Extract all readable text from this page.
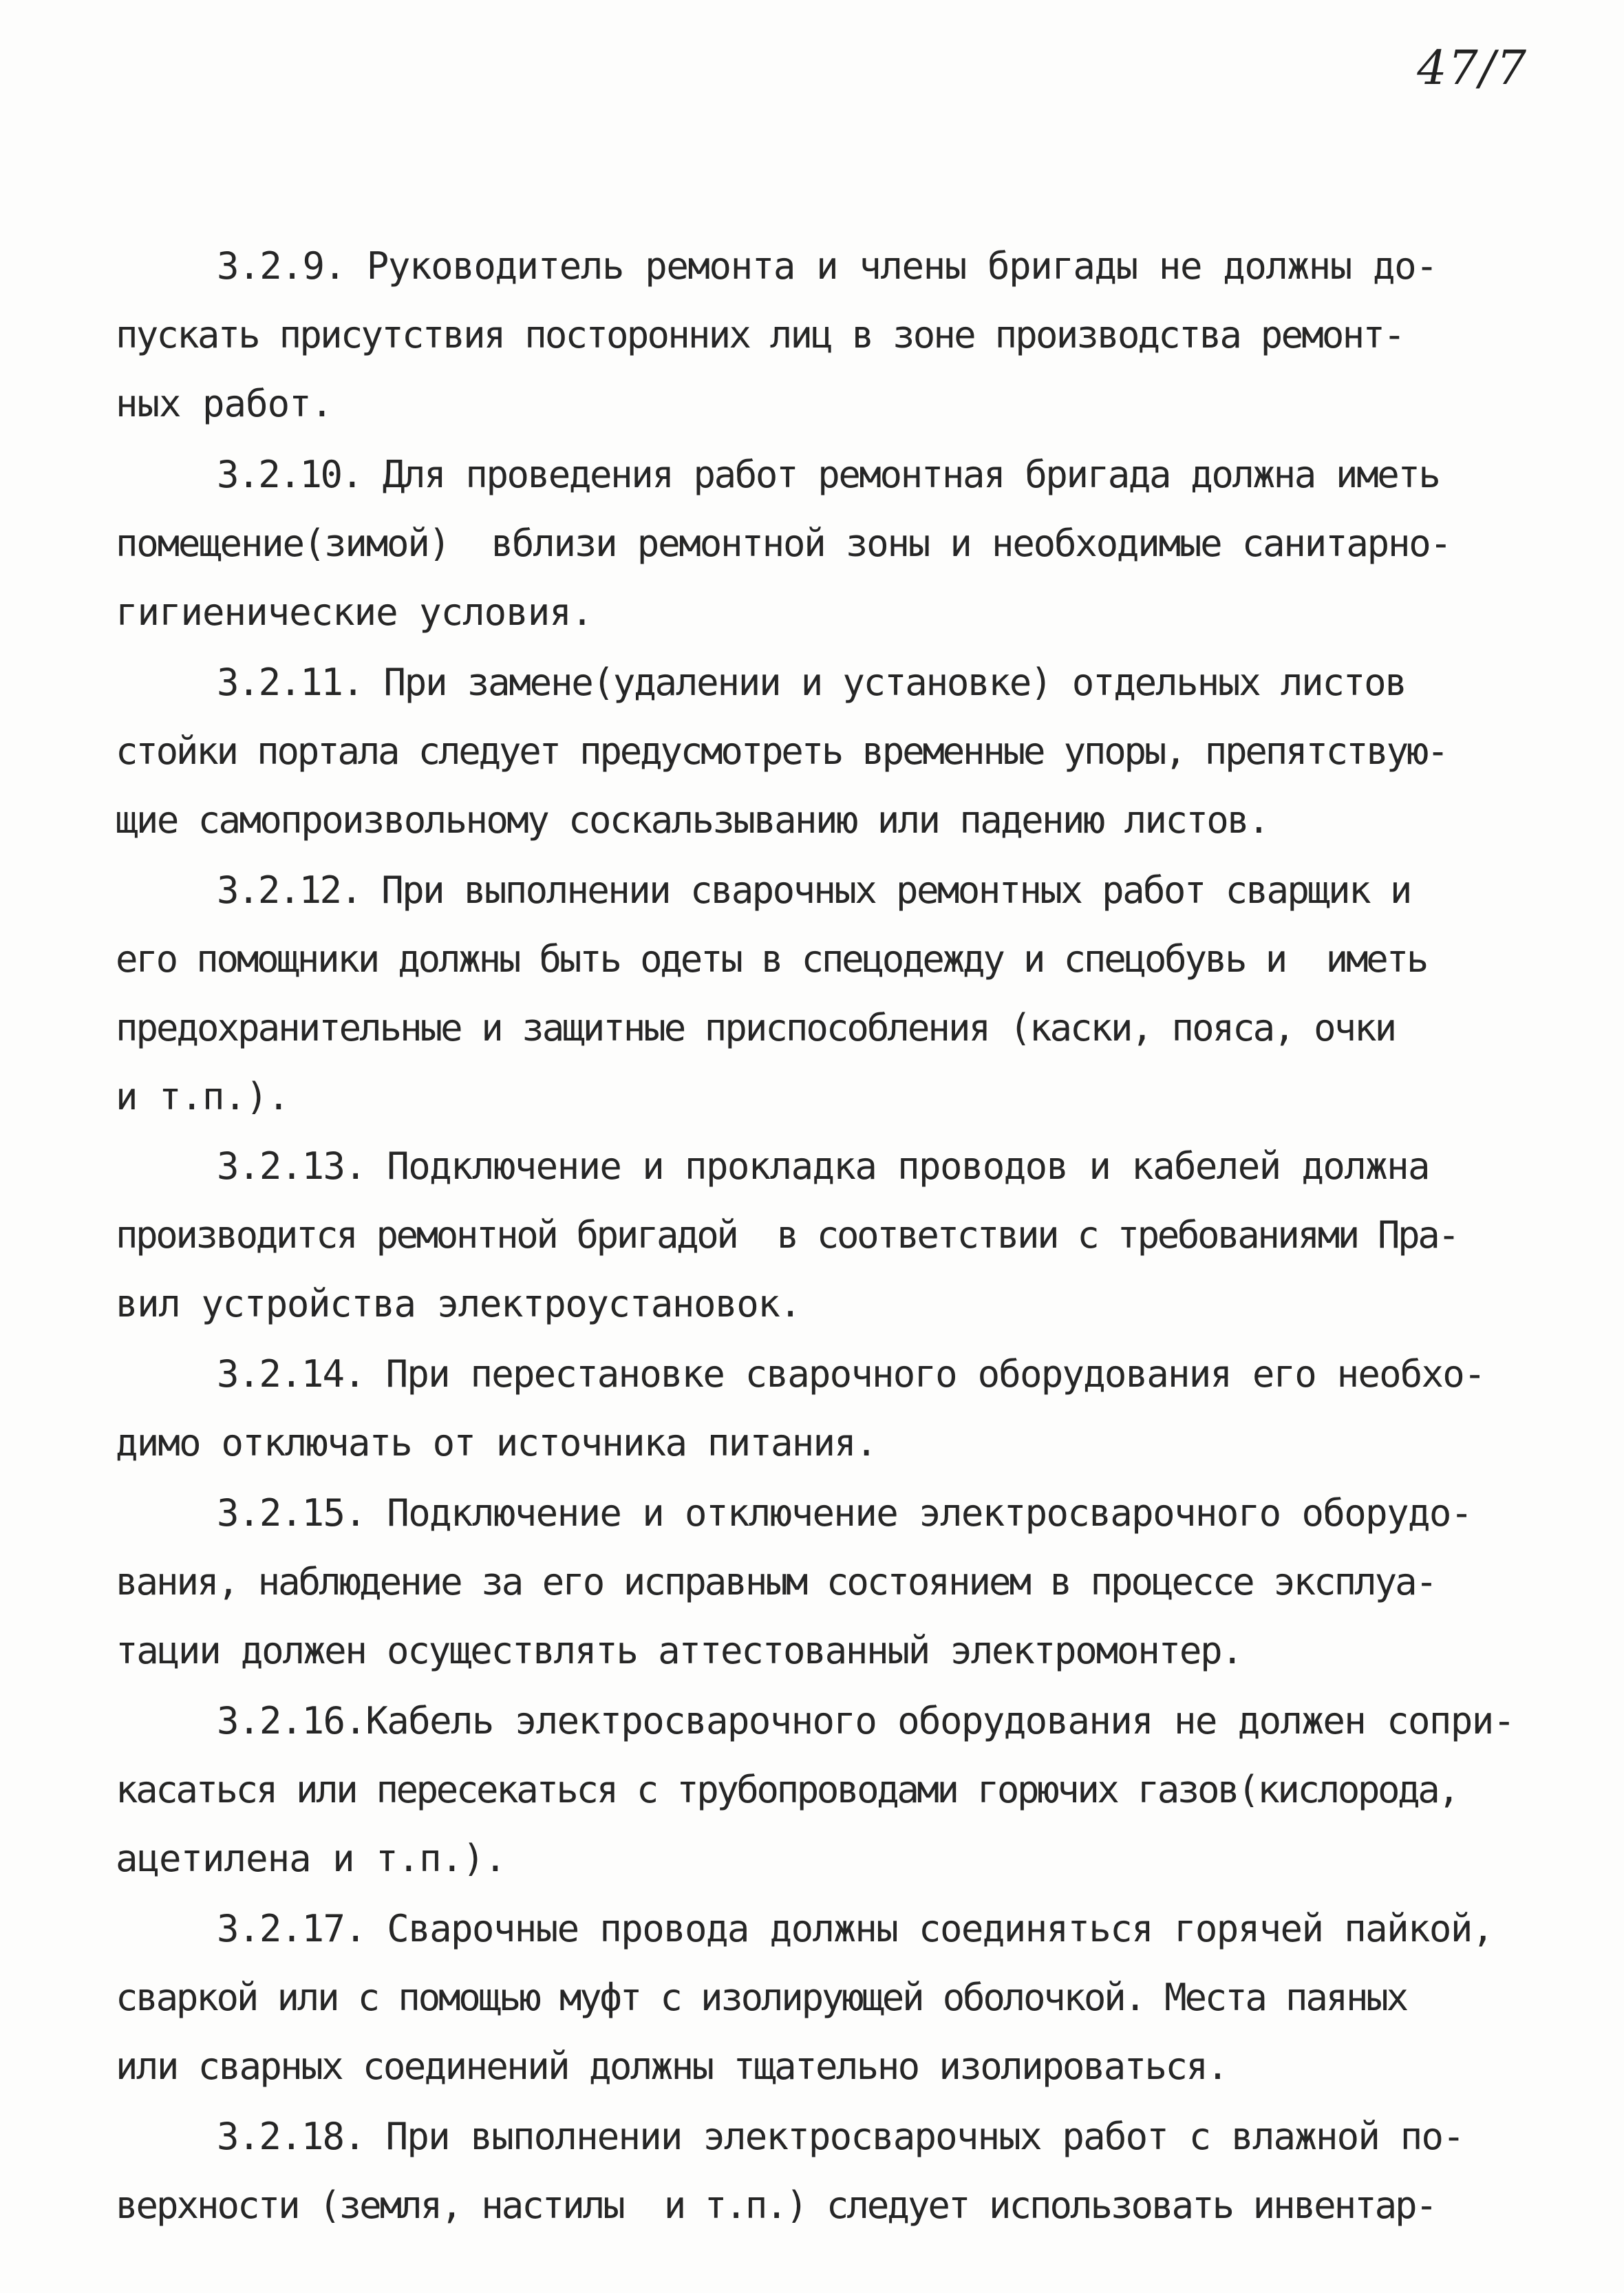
47/7
3.2.9. Руководитель ремонта и члены бригады не должны до-
пускать присутствия посторонних лиц в зоне производства ремонт-
ных работ.
3.2.10. Для проведения работ ремонтная бригада должна иметь
помещение(зимой)  вблизи ремонтной зоны и необходимые санитарно-
гигиенические условия.
3.2.11. При замене(удалении и установке) отдельных листов
стойки портала следует предусмотреть временные упоры, препятствую-
щие самопроизвольному соскальзыванию или падению листов.
3.2.12. При выполнении сварочных ремонтных работ сварщик и
его помощники должны быть одеты в спецодежду и спецобувь и  иметь
предохранительные и защитные приспособления (каски, пояса, очки
и т.п.).
3.2.13. Подключение и прокладка проводов и кабелей должна
производится ремонтной бригадой  в соответствии с требованиями Пра-
вил устройства электроустановок.
3.2.14. При перестановке сварочного оборудования его необхо-
димо отключать от источника питания.
3.2.15. Подключение и отключение электросварочного оборудо-
вания, наблюдение за его исправным состоянием в процессе эксплуа-
тации должен осуществлять аттестованный электромонтер.
3.2.16.Кабель электросварочного оборудования не должен сопри-
касаться или пересекаться с трубопроводами горючих газов(кислорода,
ацетилена и т.п.).
3.2.17. Сварочные провода должны соединяться горячей пайкой,
сваркой или с помощью муфт с изолирующей оболочкой. Места паяных
или сварных соединений должны тщательно изолироваться.
3.2.18. При выполнении электросварочных работ с влажной по-
верхности (земля, настилы  и т.п.) следует использовать инвентар-
